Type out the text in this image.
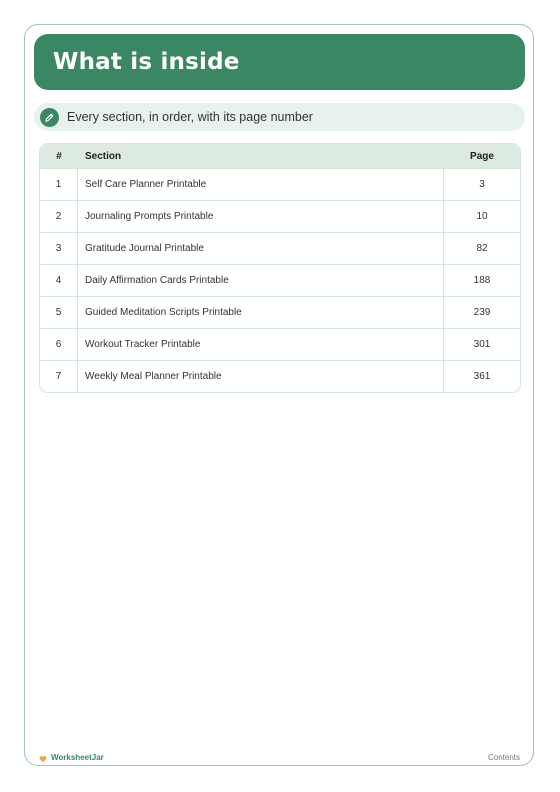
What is inside
Every section, in order, with its page number
#	Section	Page
1	Self Care Planner Printable	3
2	Journaling Prompts Printable	10
3	Gratitude Journal Printable	82
4	Daily Affirmation Cards Printable	188
5	Guided Meditation Scripts Printable	239
6	Workout Tracker Printable	301
7	Weekly Meal Planner Printable	361
WorksheetJar	Contents
